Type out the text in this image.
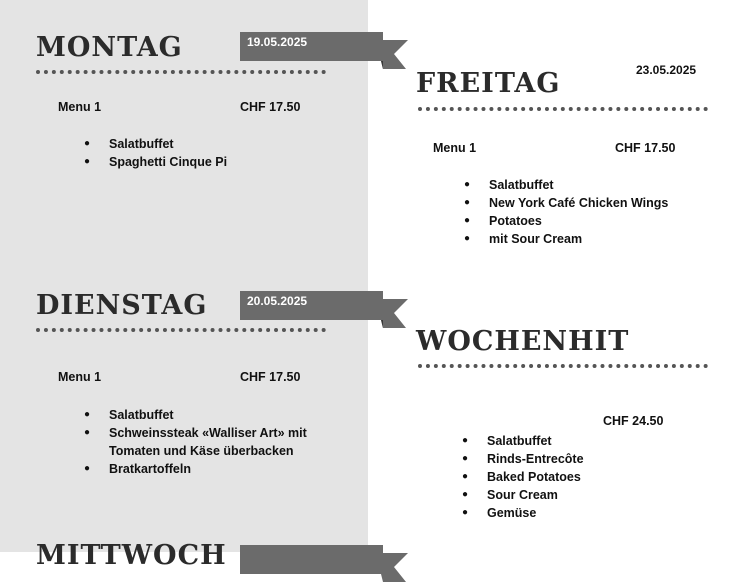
MONTAG	19.05.2025
Menu 1	CHF 17.50
● Salatbuffet
● Spaghetti Cinque Pi
DIENSTAG	20.05.2025
Menu 1	CHF 17.50
● Salatbuffet
● Schweinssteak «Walliser Art» mit Tomaten und Käse überbacken
● Bratkartoffeln
MITTWOCH
23.05.2025
FREITAG
Menu 1	CHF 17.50
● Salatbuffet
● New York Café Chicken Wings
● Potatoes
● mit Sour Cream
WOCHENHIT
CHF 24.50
● Salatbuffet
● Rinds-Entrecôte
● Baked Potatoes
● Sour Cream
● Gemüse
